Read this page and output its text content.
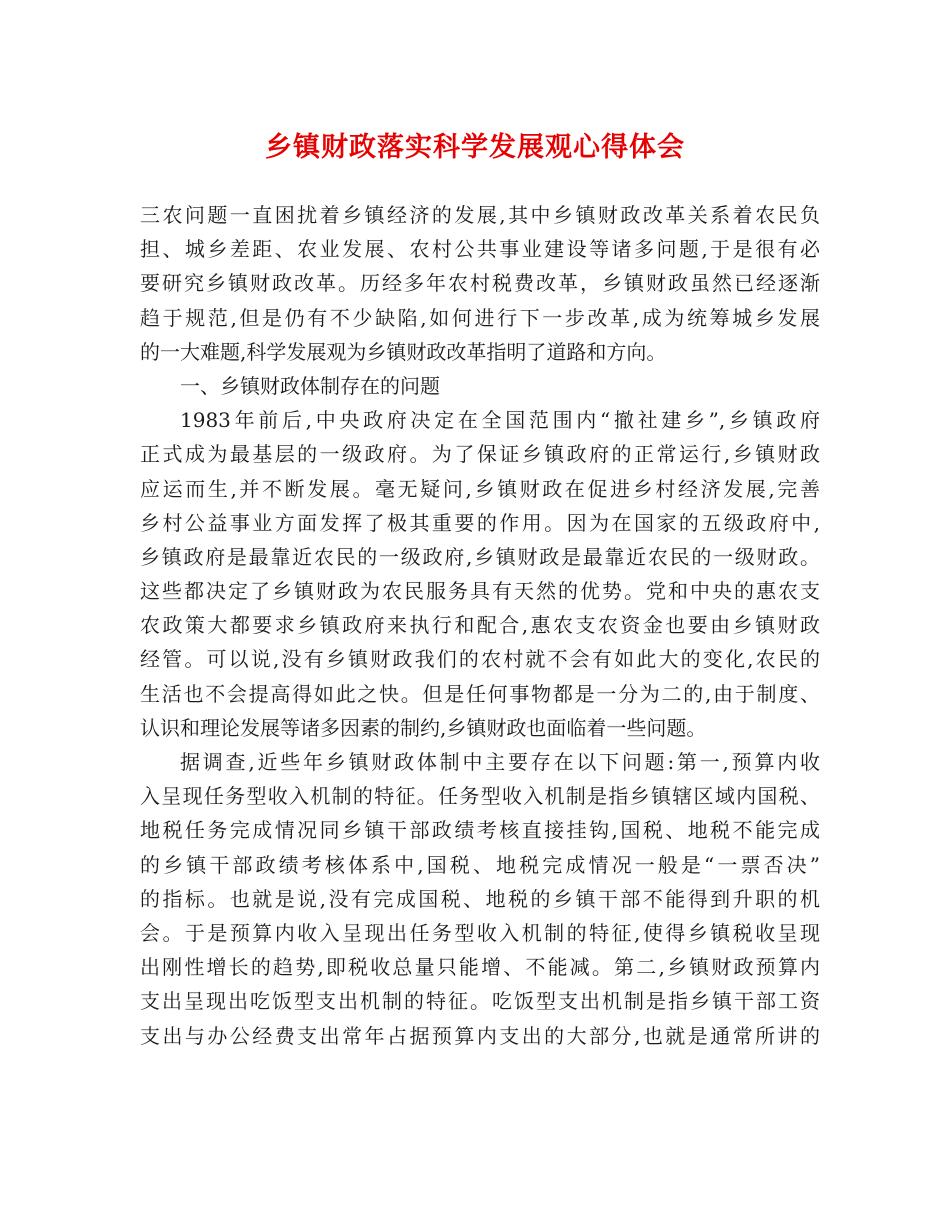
乡镇财政落实科学发展观心得体会
三农问题一直困扰着乡镇经济的发展,其中乡镇财政改革关系着农民负
担、城乡差距、农业发展、农村公共事业建设等诸多问题,于是很有必
要研究乡镇财政改革。历经多年农村税费改革，乡镇财政虽然已经逐渐
趋于规范,但是仍有不少缺陷,如何进行下一步改革,成为统筹城乡发展
的一大难题,科学发展观为乡镇财政改革指明了道路和方向。
一、乡镇财政体制存在的问题
1983年前后,中央政府决定在全国范围内“撤社建乡”,乡镇政府
正式成为最基层的一级政府。为了保证乡镇政府的正常运行,乡镇财政
应运而生,并不断发展。毫无疑问,乡镇财政在促进乡村经济发展,完善
乡村公益事业方面发挥了极其重要的作用。因为在国家的五级政府中,
乡镇政府是最靠近农民的一级政府,乡镇财政是最靠近农民的一级财政。
这些都决定了乡镇财政为农民服务具有天然的优势。党和中央的惠农支
农政策大都要求乡镇政府来执行和配合,惠农支农资金也要由乡镇财政
经管。可以说,没有乡镇财政我们的农村就不会有如此大的变化,农民的
生活也不会提高得如此之快。但是任何事物都是一分为二的,由于制度、
认识和理论发展等诸多因素的制约,乡镇财政也面临着一些问题。
据调查,近些年乡镇财政体制中主要存在以下问题:第一,预算内收
入呈现任务型收入机制的特征。任务型收入机制是指乡镇辖区域内国税、
地税任务完成情况同乡镇干部政绩考核直接挂钩,国税、地税不能完成
的乡镇干部政绩考核体系中,国税、地税完成情况一般是“一票否决”
的指标。也就是说,没有完成国税、地税的乡镇干部不能得到升职的机
会。于是预算内收入呈现出任务型收入机制的特征,使得乡镇税收呈现
出刚性增长的趋势,即税收总量只能增、不能减。第二,乡镇财政预算内
支出呈现出吃饭型支出机制的特征。吃饭型支出机制是指乡镇干部工资
支出与办公经费支出常年占据预算内支出的大部分,也就是通常所讲的
